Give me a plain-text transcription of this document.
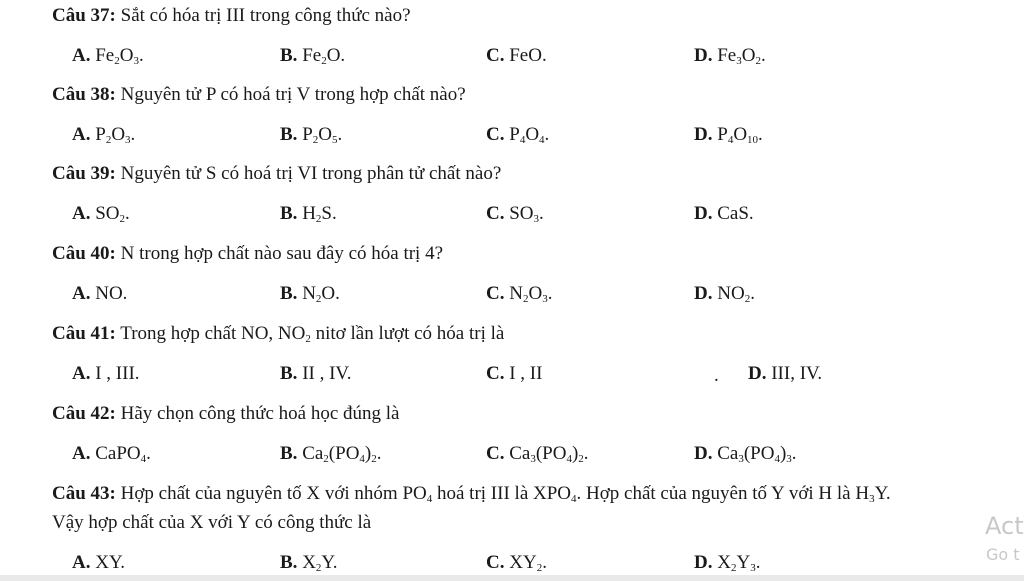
Câu 37: Sắt có hóa trị III trong công thức nào?
A. $Fe_2O_3$.	B. $Fe_2O$.	C. FeO.	D. $Fe_3O_2$.
Câu 38: Nguyên tử P có hoá trị V trong hợp chất nào?
A. $P_2O_3$.	B. $P_2O_5$.	C. $P_4O_4$.	D. $P_4O_{10}$.
Câu 39: Nguyên tử S có hoá trị VI trong phân tử chất nào?
A. $SO_2$.	B. $H_2S$.	C. $SO_3$.	D. CaS.
Câu 40: N trong hợp chất nào sau đây có hóa trị 4?
A. NO.	B. $N_2O$.	C. $N_2O_3$.	D. $NO_2$.
Câu 41: Trong hợp chất NO, $NO_2$ nitơ lần lượt có hóa trị là
A. I , III.	B. II , IV.	C. I , II	. D. III, IV.
Câu 42: Hãy chọn công thức hoá học đúng là
A. CaPO$_4$.	B. $Ca_2(PO_4)_2$.	C. $Ca_3(PO_4)_2$.	D. $Ca_3(PO_4)_3$.
Câu 43: Hợp chất của nguyên tố X với nhóm $PO_4$ hoá trị III là $XPO_4$. Hợp chất của nguyên tố Y với H là $H_3Y$.
Vậy hợp chất của X với Y có công thức là
A. XY.	B. $X_2Y$.	C. $XY_2$.	D. $X_2Y_3$.
Act
Go t
